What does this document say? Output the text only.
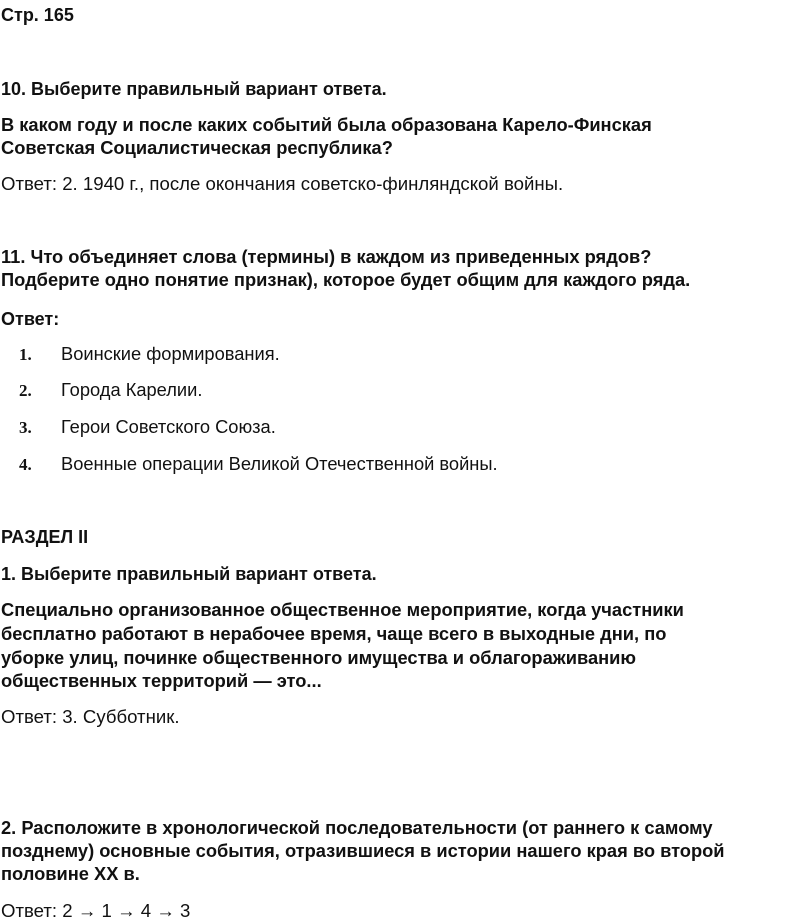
Стр. 165
10. Выберите правильный вариант ответа.
В каком году и после каких событий была образована Карело-Финская
Советская Социалистическая республика?
Ответ: 2. 1940 г., после окончания советско-финляндской войны.
11. Что объединяет слова (термины) в каждом из приведенных рядов?
Подберите одно понятие признак), которое будет общим для каждого ряда.
Ответ:
1. Воинские формирования.
2. Города Карелии.
3. Герои Советского Союза.
4. Военные операции Великой Отечественной войны.
РАЗДЕЛ II
1. Выберите правильный вариант ответа.
Специально организованное общественное мероприятие, когда участники
бесплатно работают в нерабочее время, чаще всего в выходные дни, по
уборке улиц, починке общественного имущества и облагораживанию
общественных территорий — это...
Ответ: 3. Субботник.
2. Расположите в хронологической последовательности (от раннего к самому
позднему) основные события, отразившиеся в истории нашего края во второй
половине XX в.
Ответ: 2 → 1 → 4 → 3
